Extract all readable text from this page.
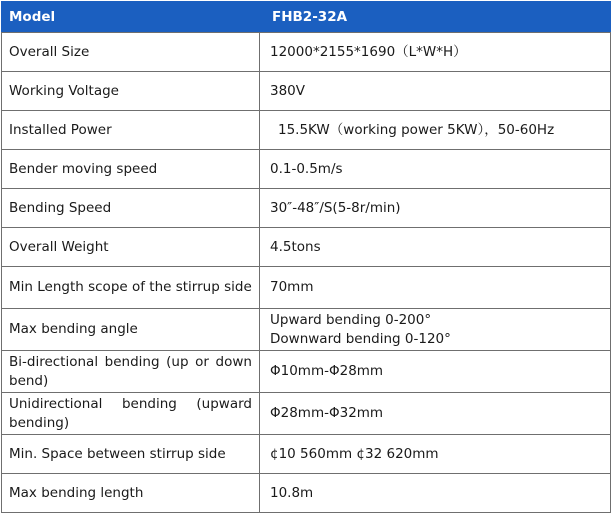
Model	FHB2-32A
Overall Size	12000*2155*1690（L*W*H）
Working Voltage	380V
Installed Power	15.5KW（working power 5KW），50-60Hz
Bender moving speed	0.1-0.5m/s
Bending Speed	30″-48″/S(5-8r/min)
Overall Weight	4.5tons
Min Length scope of the stirrup side	70mm
Max bending angle	Upward bending 0-200°
Downward bending 0-120°

Bi-directional bending (up or down bend)	Φ10mm-Φ28mm
Unidirectional bending (upward bending)	Φ28mm-Φ32mm
Min. Space between stirrup side	¢10 560mm ¢32 620mm
Max bending length	10.8m
